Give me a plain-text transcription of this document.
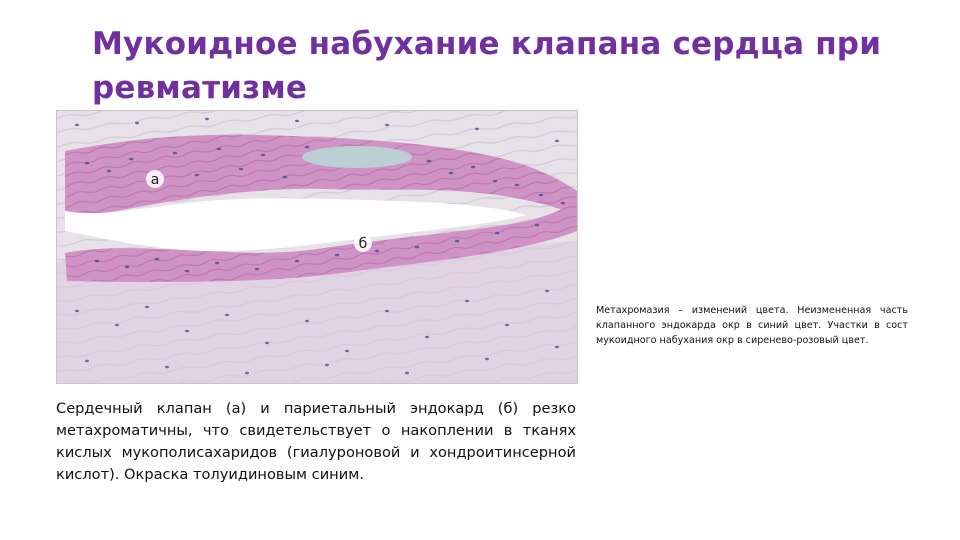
Мукоидное набухание клапана сердца при ревматизме
а
б
Сердечный клапан (а) и париетальный эндокард (б) резко метахроматичны, что свидетельствует о накоплении в тканях кислых мукополисахаридов (гиалуроновой и хондроитинсерной кислот). Окраска толуидиновым синим.
Метахромазия – изменений цвета. Неизмененная часть клапанного эндокарда окр в синий цвет. Участки в сост мукоидного набухания окр в сиренево-розовый цвет.
